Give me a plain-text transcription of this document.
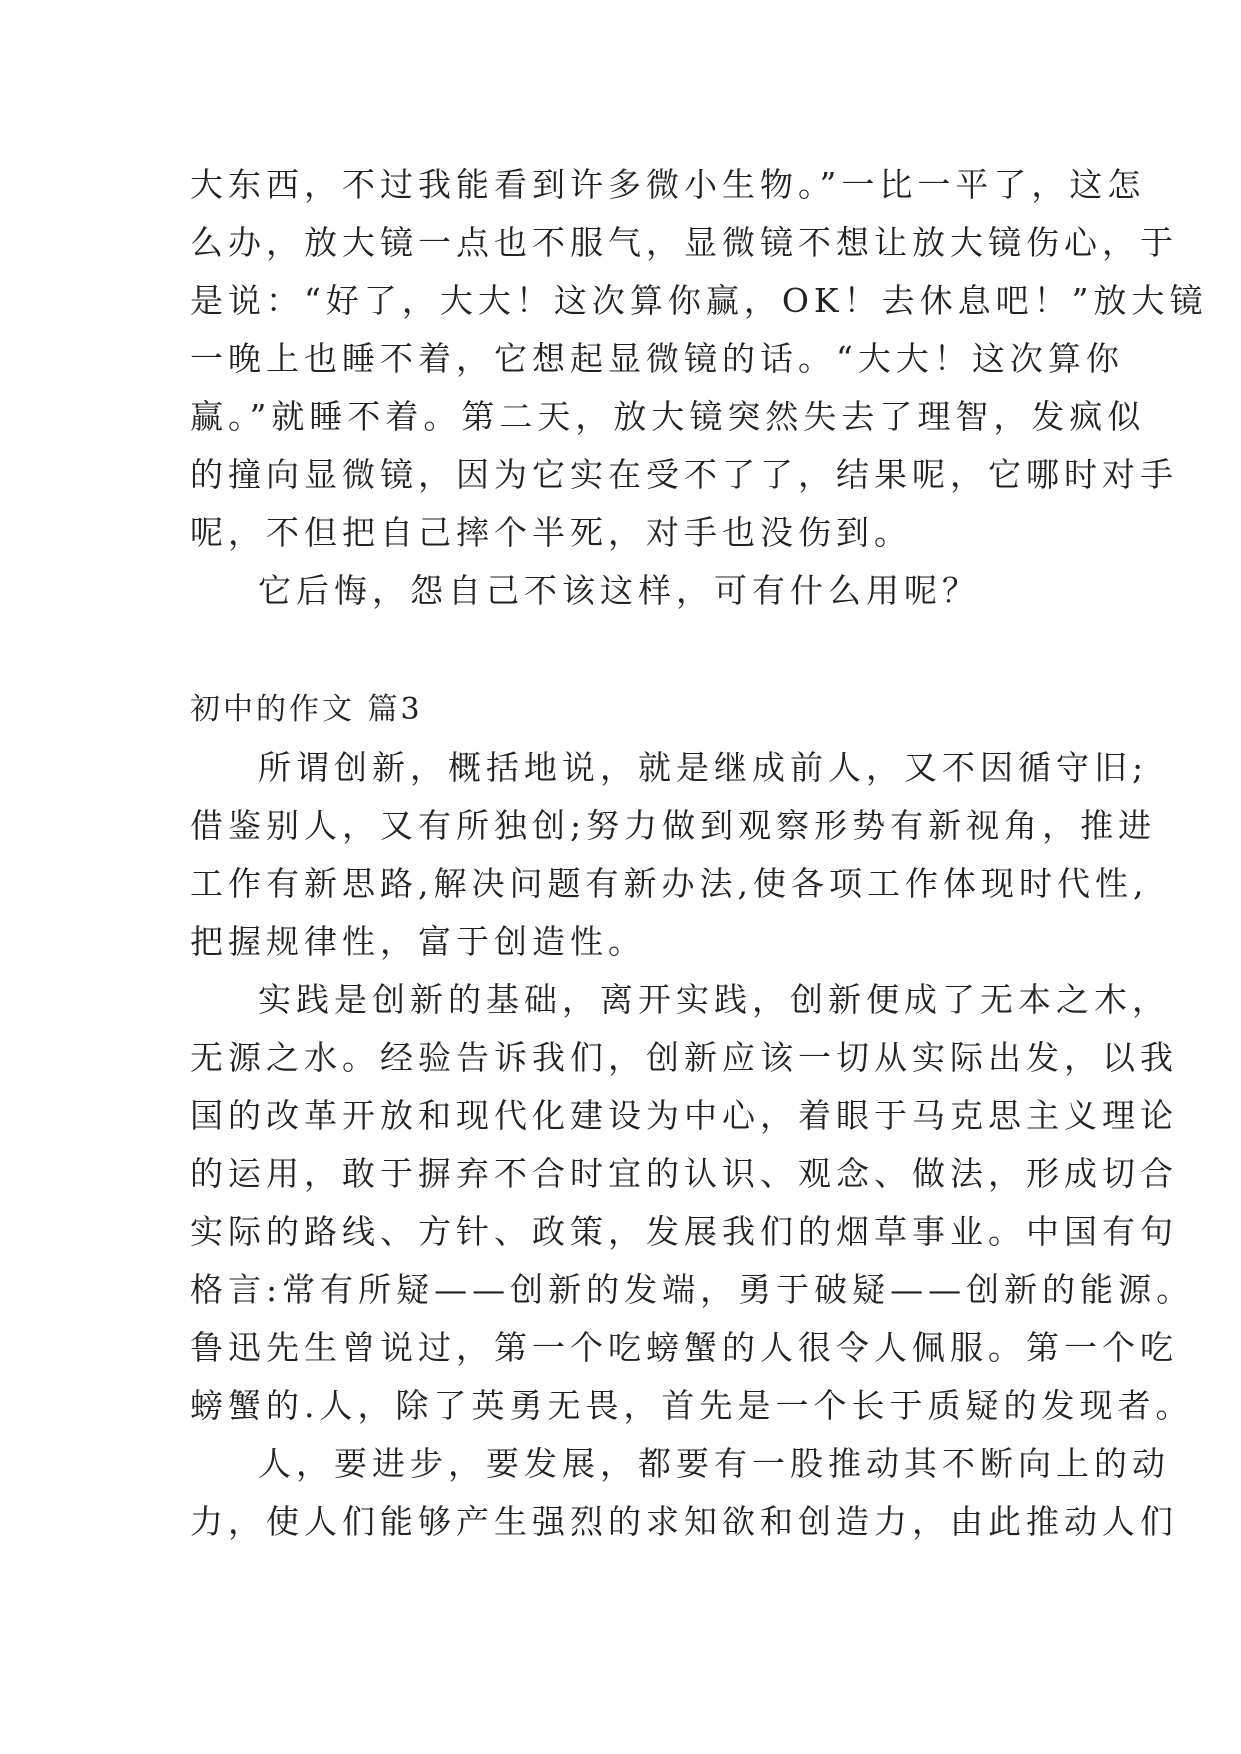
大东西，不过我能看到许多微小生物。”一比一平了，这怎
么办，放大镜一点也不服气，显微镜不想让放大镜伤心，于
是说：“好了，大大！这次算你赢，OK！去休息吧！”放大镜
一晚上也睡不着，它想起显微镜的话。“大大！这次算你
赢。”就睡不着。第二天，放大镜突然失去了理智，发疯似
的撞向显微镜，因为它实在受不了了，结果呢，它哪时对手
呢，不但把自己摔个半死，对手也没伤到。
它后悔，怨自己不该这样，可有什么用呢？
初中的作文 篇3
所谓创新，概括地说，就是继成前人，又不因循守旧;
借鉴别人，又有所独创;努力做到观察形势有新视角，推进
工作有新思路,解决问题有新办法,使各项工作体现时代性,
把握规律性，富于创造性。
实践是创新的基础，离开实践，创新便成了无本之木，
无源之水。经验告诉我们，创新应该一切从实际出发，以我
国的改革开放和现代化建设为中心，着眼于马克思主义理论
的运用，敢于摒弃不合时宜的认识、观念、做法，形成切合
实际的路线、方针、政策，发展我们的烟草事业。中国有句
格言:常有所疑——创新的发端，勇于破疑——创新的能源。
鲁迅先生曾说过，第一个吃螃蟹的人很令人佩服。第一个吃
螃蟹的.人，除了英勇无畏，首先是一个长于质疑的发现者。
人，要进步，要发展，都要有一股推动其不断向上的动
力，使人们能够产生强烈的求知欲和创造力，由此推动人们
